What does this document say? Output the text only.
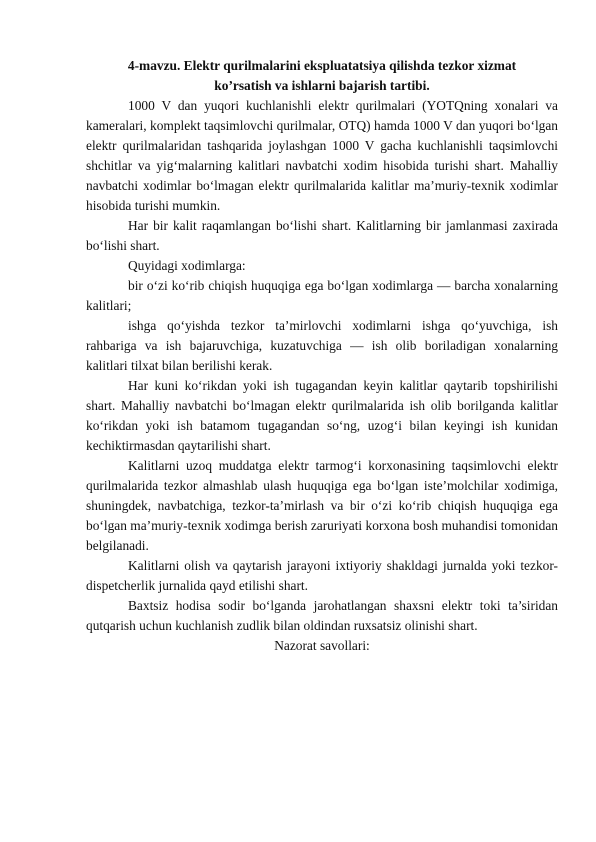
4-mavzu. Elektr qurilmalarini ekspluatatsiya qilishda tezkor xizmat
ko’rsatish va ishlarni bajarish tartibi.

1000 V dan yuqori kuchlanishli elektr qurilmalari (YOTQning xonalari va kameralari, komplekt taqsimlovchi qurilmalar, OTQ) hamda 1000 V dan yuqori bo‘lgan elektr qurilmalaridan tashqarida joylashgan 1000 V gacha kuchlanishli taqsimlovchi shchitlar va yig‘malarning kalitlari navbatchi xodim hisobida turishi shart. Mahalliy navbatchi xodimlar bo‘lmagan elektr qurilmalarida kalitlar ma’muriy-texnik xodimlar hisobida turishi mumkin.

Har bir kalit raqamlangan bo‘lishi shart. Kalitlarning bir jamlanmasi zaxirada bo‘lishi shart.

Quyidagi xodimlarga:

bir o‘zi ko‘rib chiqish huquqiga ega bo‘lgan xodimlarga — barcha xonalarning kalitlari;

ishga qo‘yishda tezkor ta’mirlovchi xodimlarni ishga qo‘yuvchiga, ish rahbariga va ish bajaruvchiga, kuzatuvchiga — ish olib boriladigan xonalarning kalitlari tilxat bilan berilishi kerak.

Har kuni ko‘rikdan yoki ish tugagandan keyin kalitlar qaytarib topshirilishi shart. Mahalliy navbatchi bo‘lmagan elektr qurilmalarida ish olib borilganda kalitlar ko‘rikdan yoki ish batamom tugagandan so‘ng, uzog‘i bilan keyingi ish kunidan kechiktirmasdan qaytarilishi shart.

Kalitlarni uzoq muddatga elektr tarmog‘i korxonasining taqsimlovchi elektr qurilmalarida tezkor almashlab ulash huquqiga ega bo‘lgan iste’molchilar xodimiga, shuningdek, navbatchiga, tezkor-ta’mirlash va bir o‘zi ko‘rib chiqish huquqiga ega bo‘lgan ma’muriy-texnik xodimga berish zaruriyati korxona bosh muhandisi tomonidan belgilanadi.

Kalitlarni olish va qaytarish jarayoni ixtiyoriy shakldagi jurnalda yoki tezkor-dispetcherlik jurnalida qayd etilishi shart.

Baxtsiz hodisa sodir bo‘lganda jarohatlangan shaxsni elektr toki ta’siridan qutqarish uchun kuchlanish zudlik bilan oldindan ruxsatsiz olinishi shart.

Nazorat savollari:
